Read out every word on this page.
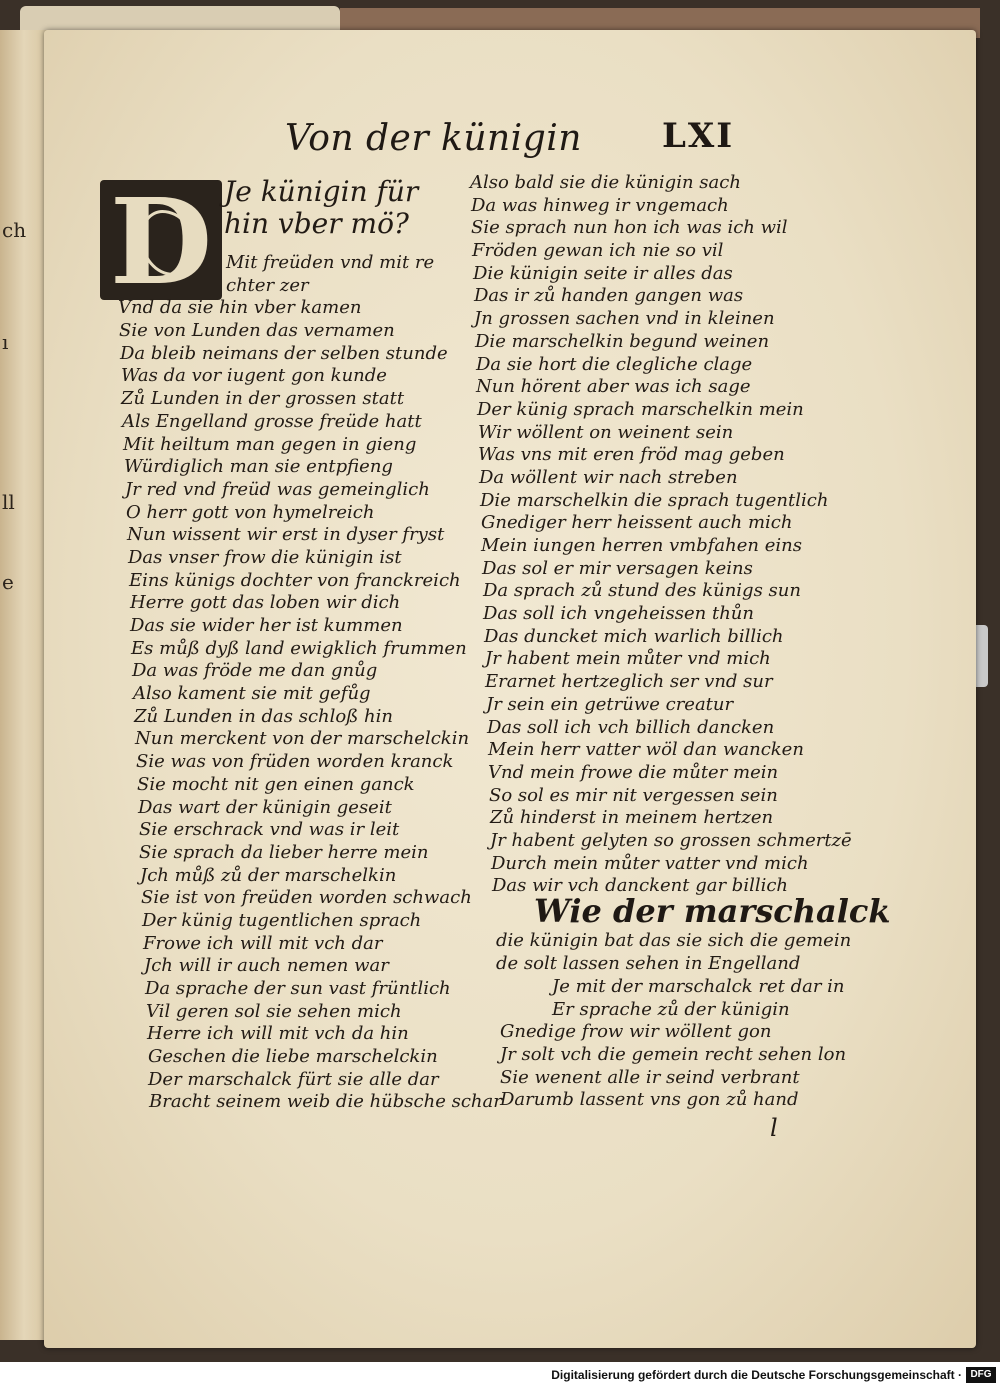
ch
ı
ll
e
Von der künigin LXI
D Je künigin für
hin vber mö?
Mit freüden vnd mit re
chter zer
Vnd da sie hin vber kamen
Sie von Lunden das vernamen
Da bleib neimans der selben stunde
Was da vor iugent gon kunde
Zů Lunden in der grossen statt
Als Engelland grosse freüde hatt
Mit heiltum man gegen in gieng
Würdiglich man sie entpfieng
Jr red vnd freüd was gemeinglich
O herr gott von hymelreich
Nun wissent wir erst in dyser fryst
Das vnser frow die künigin ist
Eins künigs dochter von franckreich
Herre gott das loben wir dich
Das sie wider her ist kummen
Es můß dyß land ewigklich frummen
Da was fröde me dan gnůg
Also kament sie mit gefůg
Zů Lunden in das schloß hin
Nun merckent von der marschelckin
Sie was von früden worden kranck
Sie mocht nit gen einen ganck
Das wart der künigin geseit
Sie erschrack vnd was ir leit
Sie sprach da lieber herre mein
Jch můß zů der marschelkin
Sie ist von freüden worden schwach
Der künig tugentlichen sprach
Frowe ich will mit vch dar
Jch will ir auch nemen war
Da sprache der sun vast früntlich
Vil geren sol sie sehen mich
Herre ich will mit vch da hin
Geschen die liebe marschelckin
Der marschalck fürt sie alle dar
Bracht seinem weib die hübsche schar
Also bald sie die künigin sach
Da was hinweg ir vngemach
Sie sprach nun hon ich was ich wil
Fröden gewan ich nie so vil
Die künigin seite ir alles das
Das ir zů handen gangen was
Jn grossen sachen vnd in kleinen
Die marschelkin begund weinen
Da sie hort die clegliche clage
Nun hörent aber was ich sage
Der künig sprach marschelkin mein
Wir wöllent on weinent sein
Was vns mit eren fröd mag geben
Da wöllent wir nach streben
Die marschelkin die sprach tugentlich
Gnediger herr heissent auch mich
Mein iungen herren vmbfahen eins
Das sol er mir versagen keins
Da sprach zů stund des künigs sun
Das soll ich vngeheissen thůn
Das duncket mich warlich billich
Jr habent mein můter vnd mich
Erarnet hertzeglich ser vnd sur
Jr sein ein getrüwe creatur
Das soll ich vch billich dancken
Mein herr vatter wöl dan wancken
Vnd mein frowe die můter mein
So sol es mir nit vergessen sein
Zů hinderst in meinem hertzen
Jr habent gelyten so grossen schmertzē
Durch mein můter vatter vnd mich
Das wir vch danckent gar billich
Wie der marschalck
die künigin bat das sie sich die gemein
de solt lassen sehen in Engelland
Je mit der marschalck ret dar in
Er sprache zů der künigin
Gnedige frow wir wöllent gon
Jr solt vch die gemein recht sehen lon
Sie wenent alle ir seind verbrant
Darumb lassent vns gon zů hand
l
Digitalisierung gefördert durch die Deutsche Forschungsgemeinschaft · DFG
